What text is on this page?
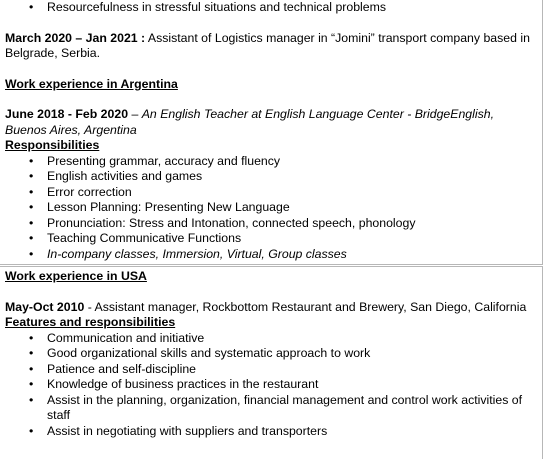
• Resourcefulness in stressful situations and technical problems

March 2020 – Jan 2021 : Assistant of Logistics manager in “Jomini” transport company based in Belgrade, Serbia.

Work experience in Argentina

June 2018 - Feb 2020 – An English Teacher at English Language Center - BridgeEnglish, Buenos Aires, Argentina

Responsibilities

• Presenting grammar, accuracy and fluency
• English activities and games
• Error correction
• Lesson Planning: Presenting New Language
• Pronunciation: Stress and Intonation, connected speech, phonology
• Teaching Communicative Functions
• In-company classes, Immersion, Virtual, Group classes

Work experience in USA

May-Oct 2010 - Assistant manager, Rockbottom Restaurant and Brewery, San Diego, California

Features and responsibilities

• Communication and initiative
• Good organizational skills and systematic approach to work
• Patience and self-discipline
• Knowledge of business practices in the restaurant
• Assist in the planning, organization, financial management and control work activities of staff
• Assist in negotiating with suppliers and transporters
